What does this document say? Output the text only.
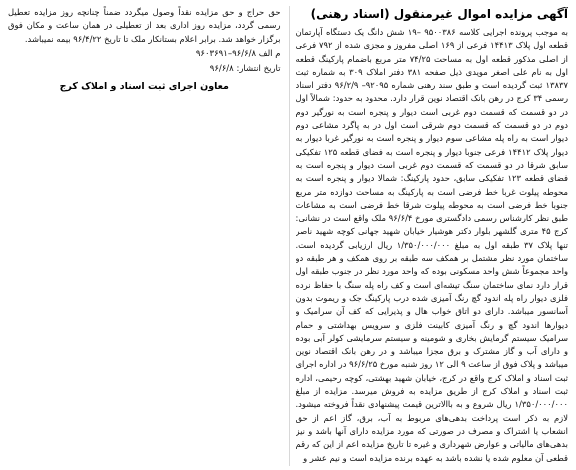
آگهی مزایده اموال غیرمنقول (اسناد رهنی)

به موجب پرونده اجرایی کلاسه ۹۵۰۰۳۸۶ –۱۹ شش دانگ یک دستگاه آپارتمان قطعه اول پلاک ۱۴۴۱۳ فرعی از ۱۶۹ اصلی مفروز و مجزی شده از ۷۹۲ فرعی از اصلی مذکور قطعه اول به مساحت ۷۴/۲۵ متر مربع باضمام پارکینگ قطعه اول به نام علی اصغر مویدی ذیل صفحه ۳۸۱ دفتر املاک ۳۰۹ به شماره ثبت ۱۳۸۳۷ ثبت گردیده است و طبق سند رهنی شماره ۹۲۰۹۵– ۹۶/۲/۹ دفتر اسناد رسمی ۳۴ کرج در رهن بانک اقتصاد نوین قرار دارد. محدود به حدود: شمالاً اول در دو قسمت که قسمت دوم غربی است دیوار و پنجره است به نورگیر دوم دوم در دو قسمت که قسمت دوم شرقی است اول در به پاگرد مشاعی دوم دیوار است به راه پله مشاعی سوم دیوار و پنجره است به نورگیر غربا دیوار به دیوار پلاک ۱۴۴۱۲ فرعی جنوبا دیوار و پنجره است به فضای قطعه ۱۲۵ تفکیکی سابق شرقا در دو قسمت که قسمت دوم غربی است دیوار و پنجره است به فضای قطعه ۱۲۳ تفکیکی سابق، حدود پارکینگ: شمالا دیوار و پنجره است به محوطه پیلوت غربا خط فرضی است به پارکینگ به مساحت دوازده متر مربع جنوبا خط فرضی است به محوطه پیلوت شرقا خط فرضی است به مشاعات طبق نظر کارشناس رسمی دادگستری مورخ ۹۶/۶/۴ ملک واقع است در نشانی: کرج ۴۵ متری گلشهر بلوار دکتر هوشیار خیابان شهید جهانی کوچه شهید ناصر تنها پلاک ۳۷ طبقه اول به مبلغ ۱/۳۵۰/۰۰۰/۰۰۰ ریال ارزیابی گردیده است. ساختمان مورد نظر مشتمل بر همکف سه طبقه بر روی همکف و هر طبقه دو واحد مجموعاً شش واحد مسکونی بوده که واحد مورد نظر در جنوب طبقه اول قرار دارد نمای ساختمان سنگ تیشه‌ای است و کف راه پله سنگ با حفاظ نرده فلزی دیوار راه پله اندود گچ رنگ آمیزی شده درب پارکینگ جک و ریموت بدون آسانسور میباشد. دارای دو اتاق خواب هال و پذیرایی که کف آن سرامیک و دیوارها اندود گچ و رنگ آمیزی کابینت فلزی و سرویس بهداشتی و حمام سرامیک سیستم گرمایش بخاری و شومینه و سیستم سرمایشی کولر آبی بوده و دارای آب و گاز مشترک و برق مجزا میباشد و در رهن بانک اقتصاد نوین میباشد و پلاک فوق از ساعت ۹ الی ۱۲ روز شنبه مورخ ۹۶/۶/۲۵ در اداره اجرای ثبت اسناد و املاک کرج واقع در کرج، خیابان شهید بهشتی، کوچه رحیمی، اداره ثبت اسناد و املاک کرج از طریق مزایده به فروش میرسد. مزایده از مبلغ ۱/۳۵۰/۰۰۰/۰۰۰ ریال شروع و به باالاترین قیمت پیشنهادی نقداً فروخته میشود. لازم به ذکر است پرداخت بدهی‌های مربوط به آب، برق، گاز اعم از حق انشعاب یا اشتراک و مصرف در صورتی که مورد مزایده دارای آنها باشد و نیز بدهی‌های مالیاتی و عوارض شهرداری و غیره تا تاریخ مزایده اعم از این که رقم قطعی آن معلوم شده یا نشده باشد به عهده برنده مزایده است و نیم عشر و

حق حراج و حق مزایده نقداً وصول میگردد ضمناً چنانچه روز مزایده تعطیل رسمی گردد، مزایده روز اداری بعد از تعطیلی در همان ساعت و مکان فوق برگزار خواهد شد. برابر اعلام بستانکار ملک تا تاریخ ۹۶/۴/۲۲ بیمه نمیباشد.

م الف ۹۶/۶/۸–۹۶۰۳۶۹۱
تاریخ انتشار: ۹۶/۶/۸
معاون اجرای ثبت اسناد و املاک کرج
